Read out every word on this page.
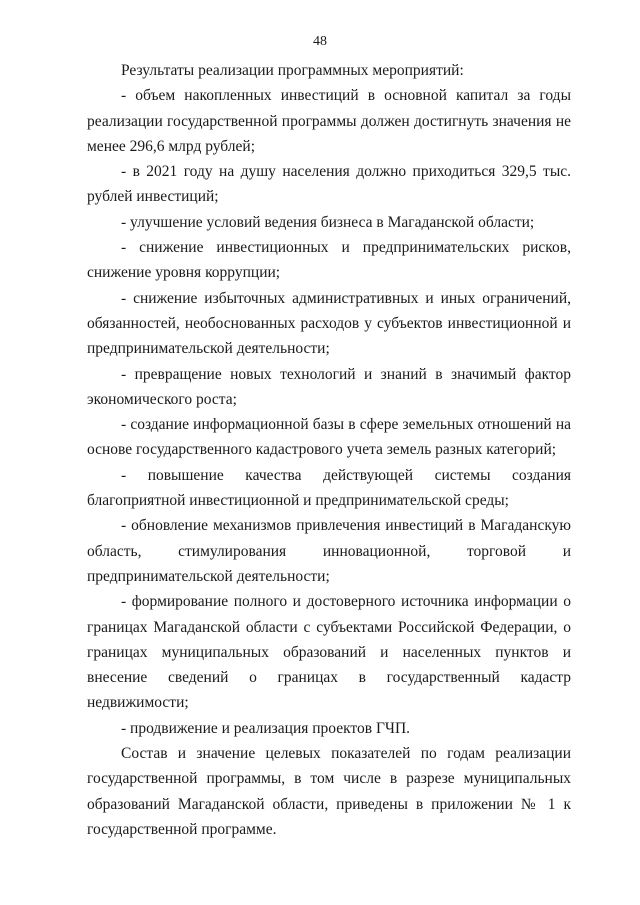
48

Результаты реализации программных мероприятий:

- объем накопленных инвестиций в основной капитал за годы реализации государственной программы должен достигнуть значения не менее 296,6 млрд рублей;

- в 2021 году на душу населения должно приходиться 329,5 тыс. рублей инвестиций;

- улучшение условий ведения бизнеса в Магаданской области;

- снижение инвестиционных и предпринимательских рисков, снижение уровня коррупции;

- снижение избыточных административных и иных ограничений, обязанностей, необоснованных расходов у субъектов инвестиционной и предпринимательской деятельности;

- превращение новых технологий и знаний в значимый фактор экономического роста;

- создание информационной базы в сфере земельных отношений на основе государственного кадастрового учета земель разных категорий;

- повышение качества действующей системы создания благоприятной инвестиционной и предпринимательской среды;

- обновление механизмов привлечения инвестиций в Магаданскую область, стимулирования инновационной, торговой и предпринимательской деятельности;

- формирование полного и достоверного источника информации о границах Магаданской области с субъектами Российской Федерации, о границах муниципальных образований и населенных пунктов и внесение сведений о границах в государственный кадастр недвижимости;

- продвижение и реализация проектов ГЧП.

Состав и значение целевых показателей по годам реализации государственной программы, в том числе в разрезе муниципальных образований Магаданской области, приведены в приложении № 1 к государственной программе.
